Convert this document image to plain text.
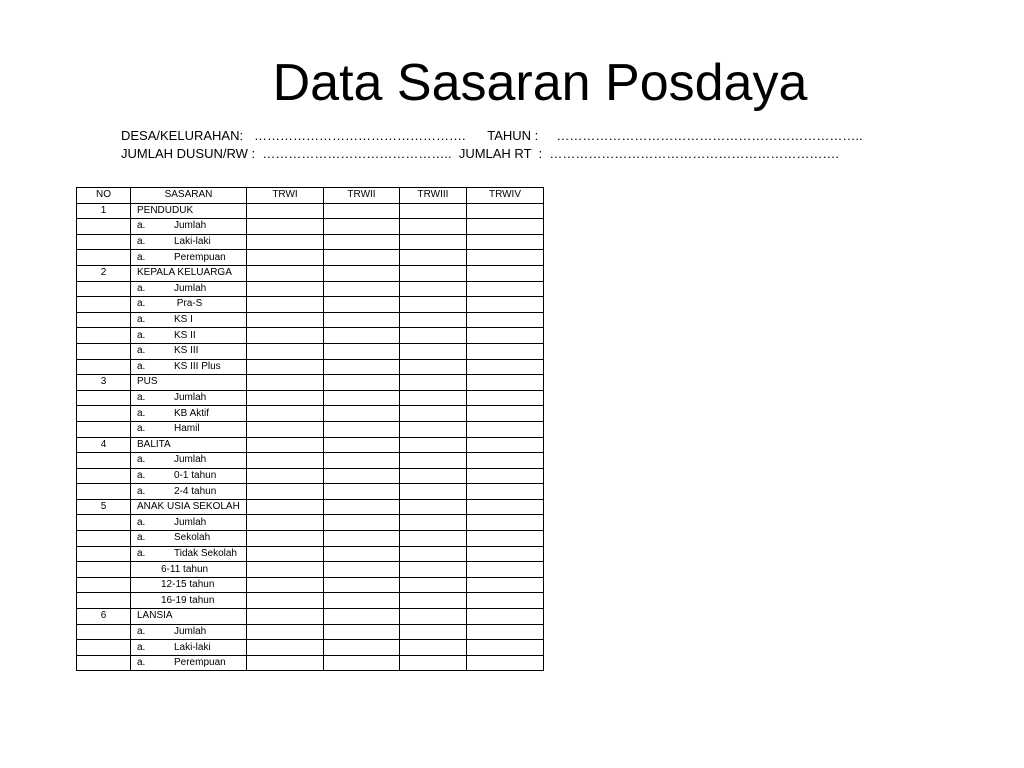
Data Sasaran Posdaya
DESA/KELURAHAN: …………………………………………. TAHUN : ……………………………………………………………..
JUMLAH DUSUN/RW : …………………………………….. JUMLAH RT  : ………………………………………………………….
NO	SASARAN	TRWI	TRWII	TRWIII	TRWIV
1	PENDUDUK				
	a. Jumlah				
	a. Laki-laki				
	a. Perempuan				
2	KEPALA KELUARGA				
	a. Jumlah				
	a. Pra-S				
	a. KS I				
	a. KS II				
	a. KS III				
	a. KS III Plus				
3	PUS				
	a. Jumlah				
	a. KB Aktif				
	a. Hamil				
4	BALITA				
	a. Jumlah				
	a. 0-1 tahun				
	a. 2-4 tahun				
5	ANAK USIA SEKOLAH				
	a. Jumlah				
	a. Sekolah				
	a. Tidak Sekolah				
	6-11 tahun				
	12-15 tahun				
	16-19 tahun				
6	LANSIA				
	a. Jumlah				
	a. Laki-laki				
	a. Perempuan				
